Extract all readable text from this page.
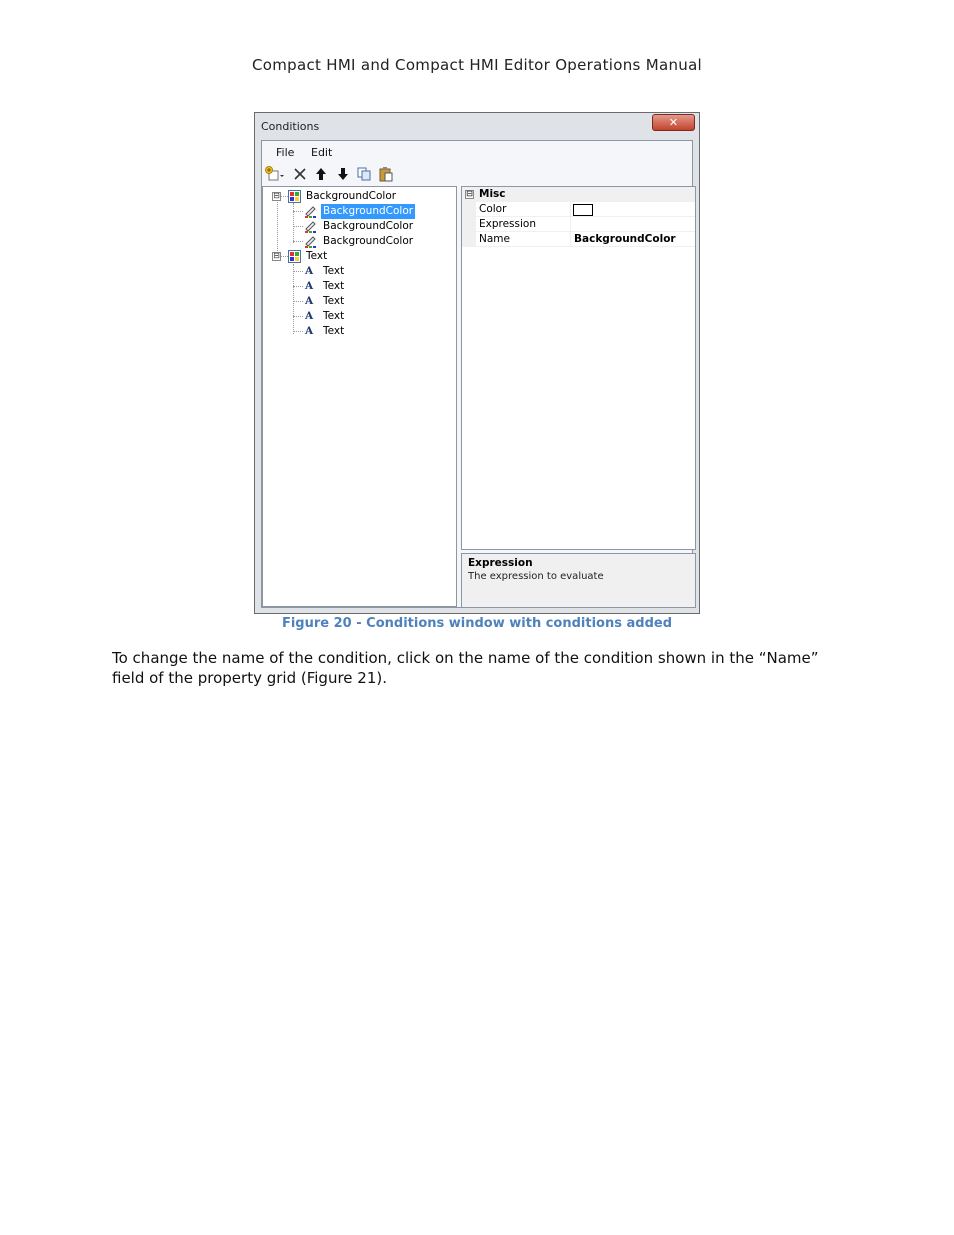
Compact HMI and Compact HMI Editor Operations Manual
Conditions	✕
File Edit
⊟ BackgroundColor
BackgroundColor
BackgroundColor
BackgroundColor
⊟ Text
A Text
A Text
A Text
A Text
A Text
⊟ Misc
Color
Expression
Name	BackgroundColor
Expression
The expression to evaluate
Figure 20 - Conditions window with conditions added
To change the name of the condition, click on the name of the condition shown in the “Name” field of the property grid (Figure 21).
